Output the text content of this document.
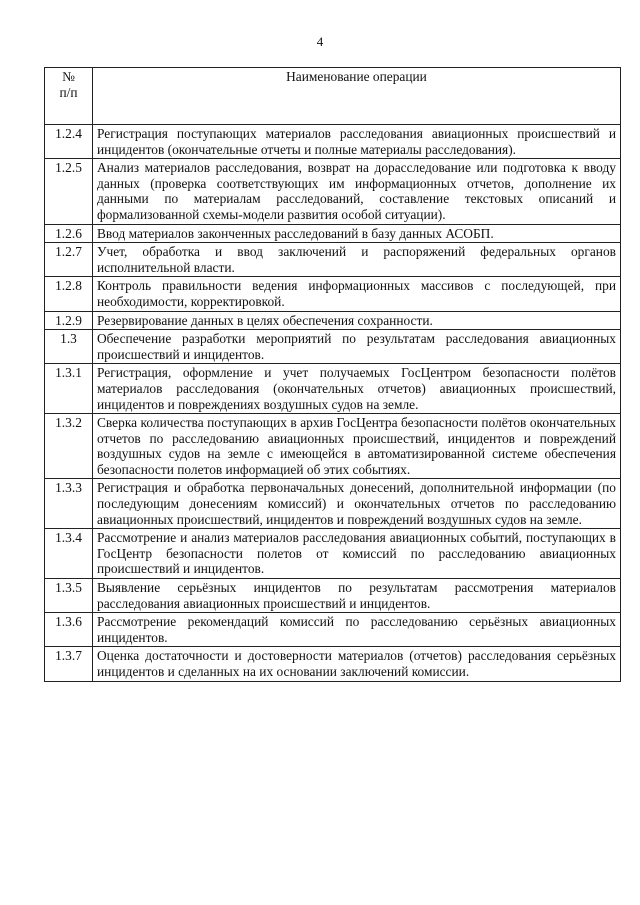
4
№
п/п	Наименование операции
1.2.4	Регистрация поступающих материалов расследования авиационных происшествий и инцидентов (окончательные отчеты и полные материалы расследования).
1.2.5	Анализ материалов расследования, возврат на дорасследование или подготовка к вводу данных (проверка соответствующих им информационных отчетов, дополнение их данными по материалам расследований, составление текстовых описаний и формализованной схемы-модели развития особой ситуации).
1.2.6	Ввод материалов законченных расследований в базу данных АСОБП.
1.2.7	Учет, обработка и ввод заключений и распоряжений федеральных органов исполнительной власти.
1.2.8	Контроль правильности ведения информационных массивов с последующей, при необходимости, корректировкой.
1.2.9	Резервирование данных в целях обеспечения сохранности.
1.3	Обеспечение разработки мероприятий по результатам расследования авиационных происшествий и инцидентов.
1.3.1	Регистрация, оформление и учет получаемых ГосЦентром безопасности полётов материалов расследования (окончательных отчетов) авиационных происшествий, инцидентов и повреждениях воздушных судов на земле.
1.3.2	Сверка количества поступающих в архив ГосЦентра безопасности полётов окончательных отчетов по расследованию авиационных происшествий, инцидентов и повреждений воздушных судов на земле с имеющейся в автоматизированной системе обеспечения безопасности полетов информацией об этих событиях.
1.3.3	Регистрация и обработка первоначальных донесений, дополнительной информации (по последующим донесениям комиссий) и окончательных отчетов по расследованию авиационных происшествий, инцидентов и повреждений воздушных судов на земле.
1.3.4	Рассмотрение и анализ материалов расследования авиационных событий, поступающих в ГосЦентр безопасности полетов от комиссий по расследованию авиационных происшествий и инцидентов.
1.3.5	Выявление серьёзных инцидентов по результатам рассмотрения материалов расследования авиационных происшествий и инцидентов.
1.3.6	Рассмотрение рекомендаций комиссий по расследованию серьёзных авиационных инцидентов.
1.3.7	Оценка достаточности и достоверности материалов (отчетов) расследования серьёзных инцидентов и сделанных на их основании заключений комиссии.
